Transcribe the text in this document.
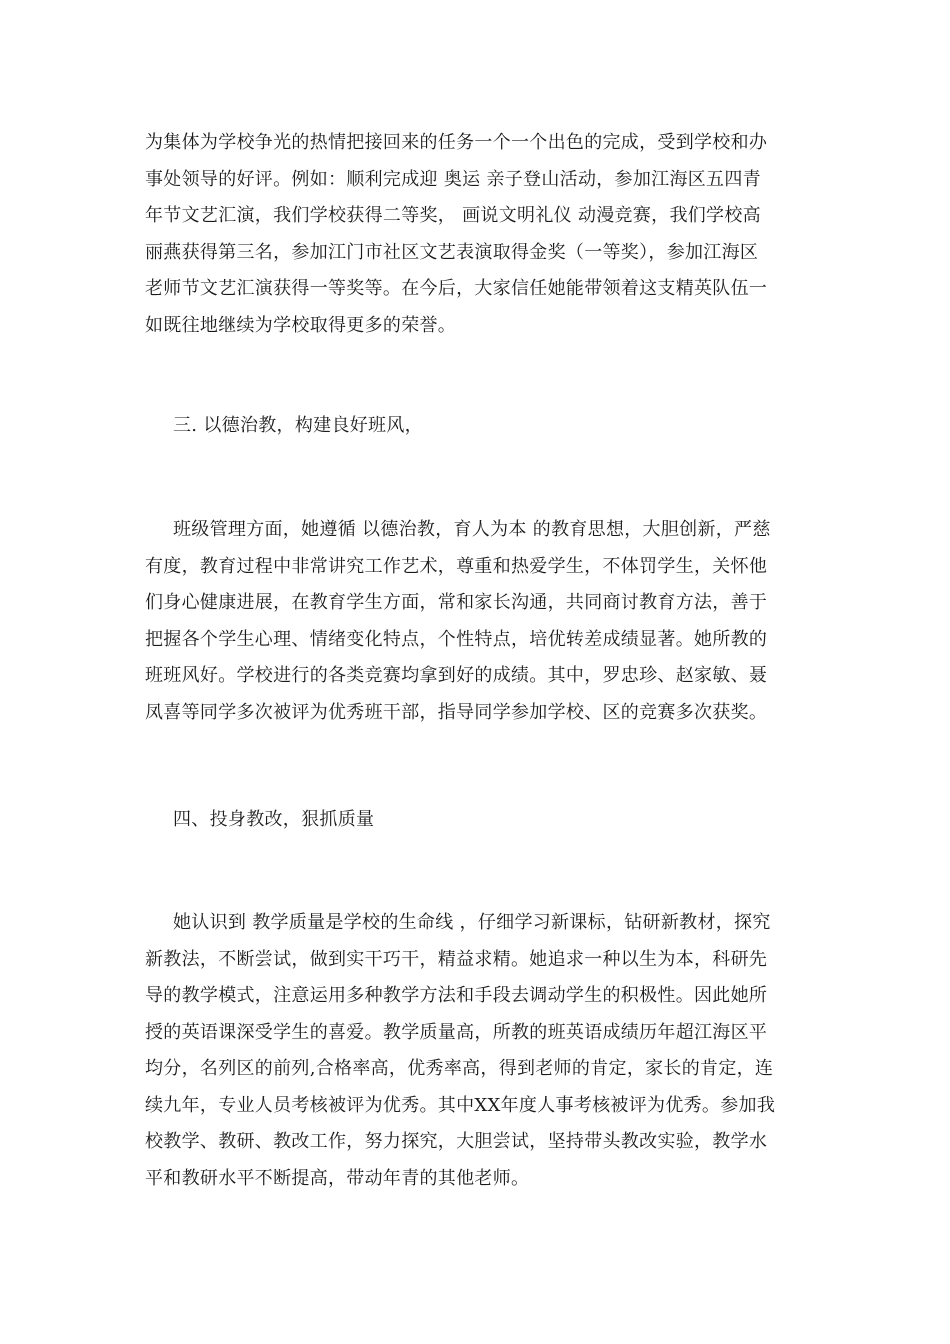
为集体为学校争光的热情把接回来的任务一个一个出色的完成，受到学校和办
事处领导的好评。例如：顺利完成迎 奥运 亲子登山活动，参加江海区五四青
年节文艺汇演，我们学校获得二等奖， 画说文明礼仪 动漫竞赛，我们学校高
丽燕获得第三名，参加江门市社区文艺表演取得金奖（一等奖），参加江海区
老师节文艺汇演获得一等奖等。在今后，大家信任她能带领着这支精英队伍一
如既往地继续为学校取得更多的荣誉。

三. 以德治教，构建良好班风，

班级管理方面，她遵循 以德治教，育人为本 的教育思想，大胆创新，严慈
有度，教育过程中非常讲究工作艺术，尊重和热爱学生，不体罚学生，关怀他
们身心健康进展，在教育学生方面，常和家长沟通，共同商讨教育方法，善于
把握各个学生心理、情绪变化特点，个性特点，培优转差成绩显著。她所教的
班班风好。学校进行的各类竞赛均拿到好的成绩。其中，罗忠珍、赵家敏、聂
凤喜等同学多次被评为优秀班干部，指导同学参加学校、区的竞赛多次获奖。

四、投身教改，狠抓质量

她认识到 教学质量是学校的生命线 ，仔细学习新课标，钻研新教材，探究
新教法，不断尝试，做到实干巧干，精益求精。她追求一种以生为本，科研先
导的教学模式，注意运用多种教学方法和手段去调动学生的积极性。因此她所
授的英语课深受学生的喜爱。教学质量高，所教的班英语成绩历年超江海区平
均分，名列区的前列,合格率高，优秀率高，得到老师的肯定，家长的肯定，连
续九年，专业人员考核被评为优秀。其中XX年度人事考核被评为优秀。参加我
校教学、教研、教改工作，努力探究，大胆尝试，坚持带头教改实验，教学水
平和教研水平不断提高，带动年青的其他老师。
